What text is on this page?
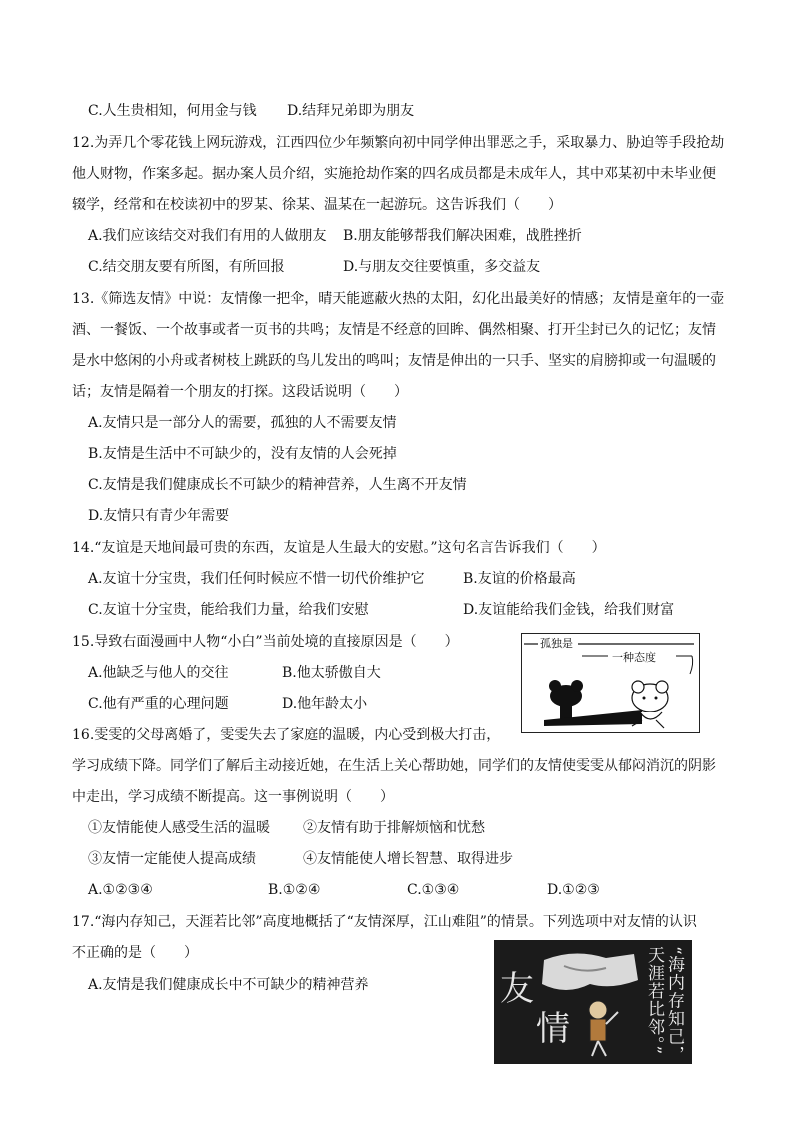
C.人生贵相知，何用金与钱 D.结拜兄弟即为朋友
12.为弄几个零花钱上网玩游戏，江西四位少年频繁向初中同学伸出罪恶之手，采取暴力、胁迫等手段抢劫
他人财物，作案多起。据办案人员介绍，实施抢劫作案的四名成员都是未成年人，其中邓某初中未毕业便
辍学，经常和在校读初中的罗某、徐某、温某在一起游玩。这告诉我们（　　）
A.我们应该结交对我们有用的人做朋友 B.朋友能够帮我们解决困难，战胜挫折
C.结交朋友要有所图，有所回报	D.与朋友交往要慎重，多交益友
13.《筛选友情》中说：友情像一把伞，晴天能遮蔽火热的太阳，幻化出最美好的情感；友情是童年的一壶
酒、一餐饭、一个故事或者一页书的共鸣；友情是不经意的回眸、偶然相聚、打开尘封已久的记忆；友情
是水中悠闲的小舟或者树枝上跳跃的鸟儿发出的鸣叫；友情是伸出的一只手、坚实的肩膀抑或一句温暖的
话；友情是隔着一个朋友的打探。这段话说明（　　）
A.友情只是一部分人的需要，孤独的人不需要友情
B.友情是生活中不可缺少的，没有友情的人会死掉
C.友情是我们健康成长不可缺少的精神营养，人生离不开友情
D.友情只有青少年需要
14.“友谊是天地间最可贵的东西，友谊是人生最大的安慰。”这句名言告诉我们（　　）
A.友谊十分宝贵，我们任何时候应不惜一切代价维护它	B.友谊的价格最高
C.友谊十分宝贵，能给我们力量，给我们安慰	D.友谊能给我们金钱，给我们财富
15.导致右面漫画中人物“小白”当前处境的直接原因是（　　）
A.他缺乏与他人的交往	B.他太骄傲自大
C.他有严重的心理问题	D.他年龄太小
孤独是
一种态度
16.雯雯的父母离婚了，雯雯失去了家庭的温暖，内心受到极大打击，
学习成绩下降。同学们了解后主动接近她，在生活上关心帮助她，同学们的友情使雯雯从郁闷消沉的阴影
中走出，学习成绩不断提高。这一事例说明（　　）
①友情能使人感受生活的温暖 ②友情有助于排解烦恼和忧愁
③友情一定能使人提高成绩	④友情能使人增长智慧、取得进步
A.①②③④	B.①②④	C.①③④	D.①②③
17.“海内存知己，天涯若比邻”高度地概括了“友情深厚，江山难阻”的情景。下列选项中对友情的认识
不正确的是（　　）
A.友情是我们健康成长中不可缺少的精神营养	友
情	“海内存知己，
天涯若比邻。”
